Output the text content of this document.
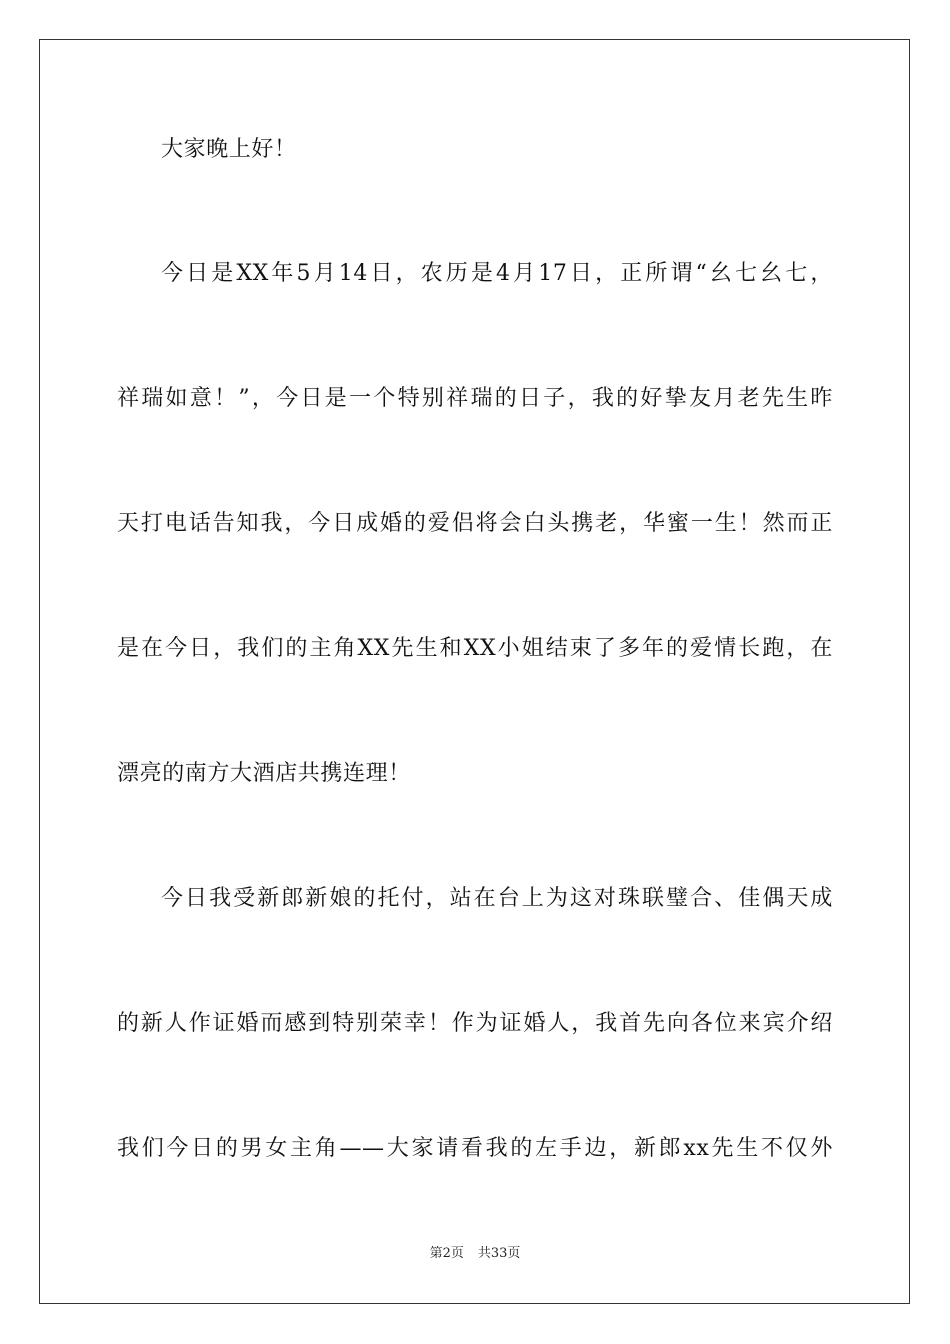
大家晚上好！
今日是XX年5月14日，农历是4月17日，正所谓“幺七幺七，
祥瑞如意！”，今日是一个特别祥瑞的日子，我的好挚友月老先生昨
天打电话告知我，今日成婚的爱侣将会白头携老，华蜜一生！然而正
是在今日，我们的主角XX先生和XX小姐结束了多年的爱情长跑，在
漂亮的南方大酒店共携连理！
今日我受新郎新娘的托付，站在台上为这对珠联璧合、佳偶天成
的新人作证婚而感到特别荣幸！作为证婚人，我首先向各位来宾介绍
我们今日的男女主角——大家请看我的左手边，新郎xx先生不仅外
第2页 共33页
